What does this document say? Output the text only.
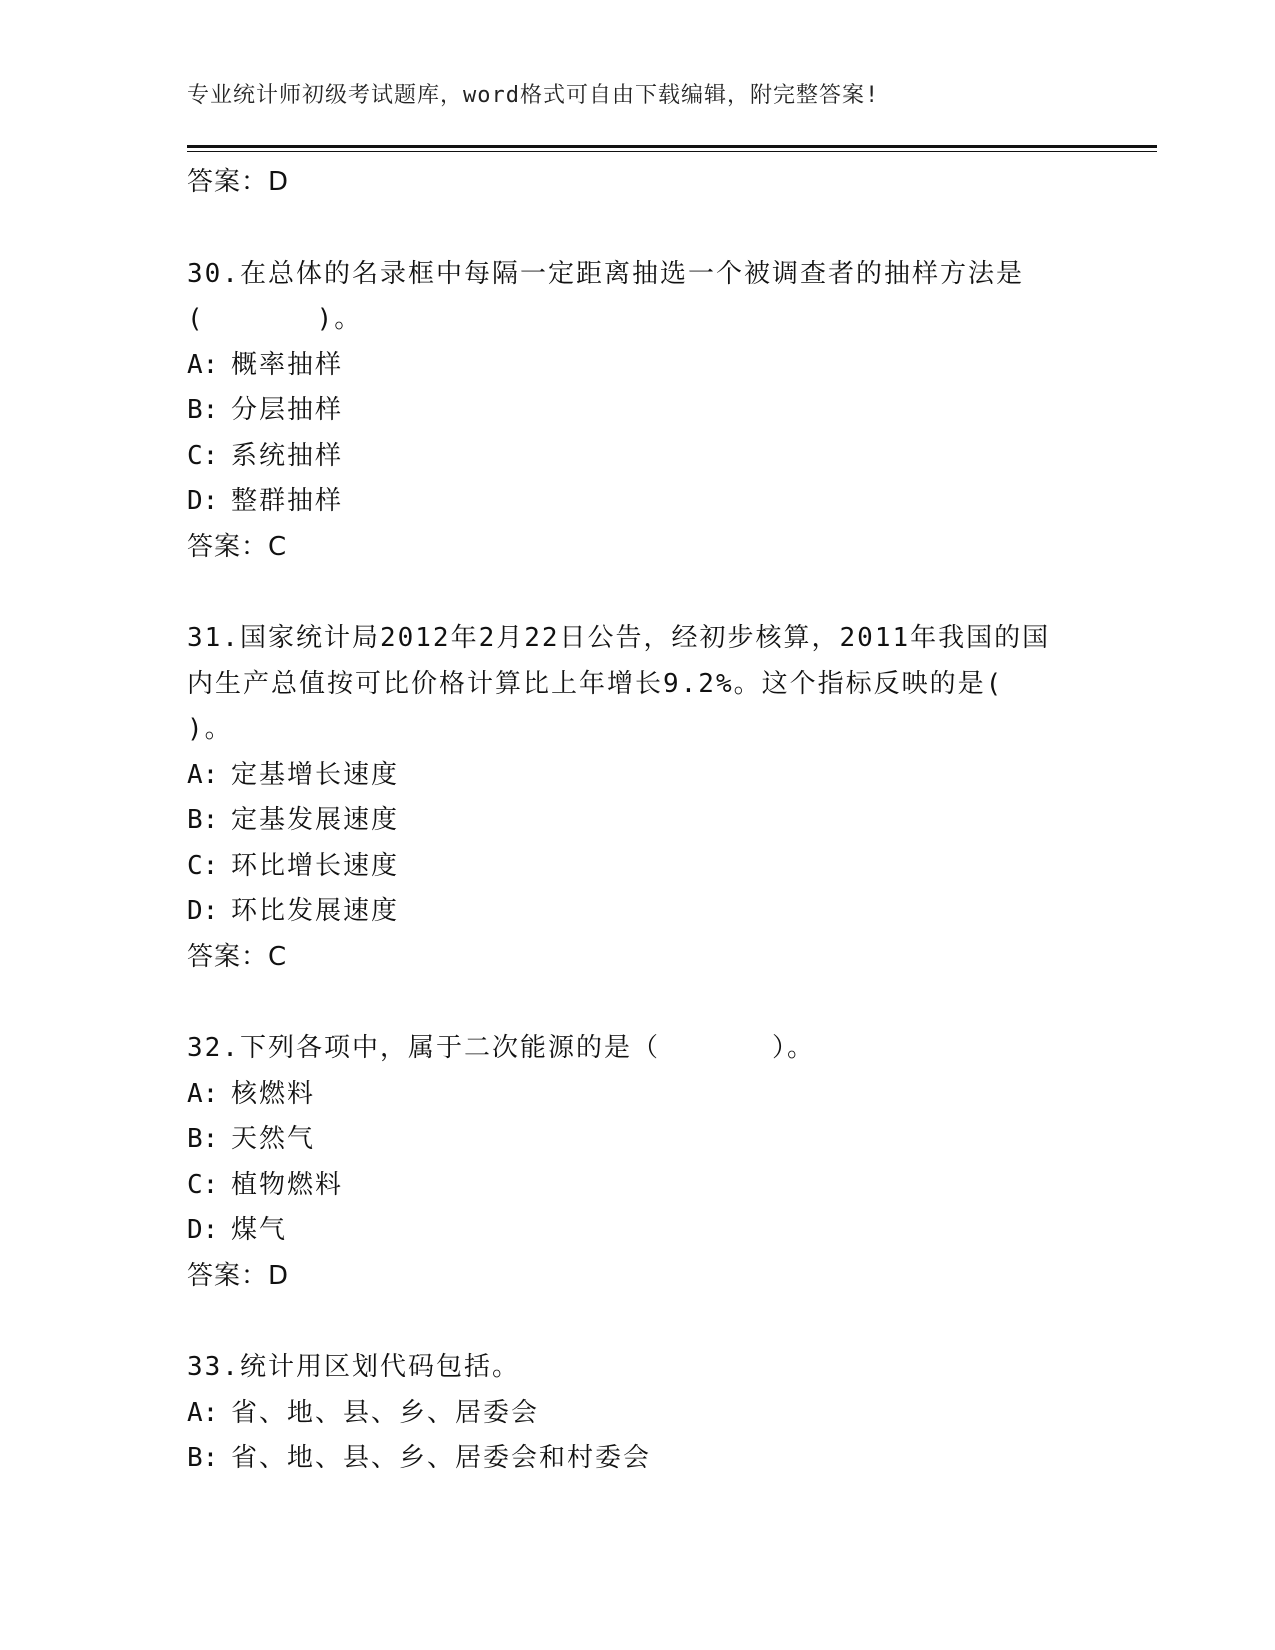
专业统计师初级考试题库，word格式可自由下载编辑，附完整答案!
答案：D
30.在总体的名录框中每隔一定距离抽选一个被调查者的抽样方法是
(　　　　)。
A: 概率抽样
B: 分层抽样
C: 系统抽样
D: 整群抽样
答案：C
31.国家统计局2012年2月22日公告，经初步核算，2011年我国的国
内生产总值按可比价格计算比上年增长9.2%。这个指标反映的是(
)。
A: 定基增长速度
B: 定基发展速度
C: 环比增长速度
D: 环比发展速度
答案：C
32.下列各项中，属于二次能源的是（　　　　）。
A: 核燃料
B: 天然气
C: 植物燃料
D: 煤气
答案：D
33.统计用区划代码包括。
A: 省、地、县、乡、居委会
B: 省、地、县、乡、居委会和村委会
